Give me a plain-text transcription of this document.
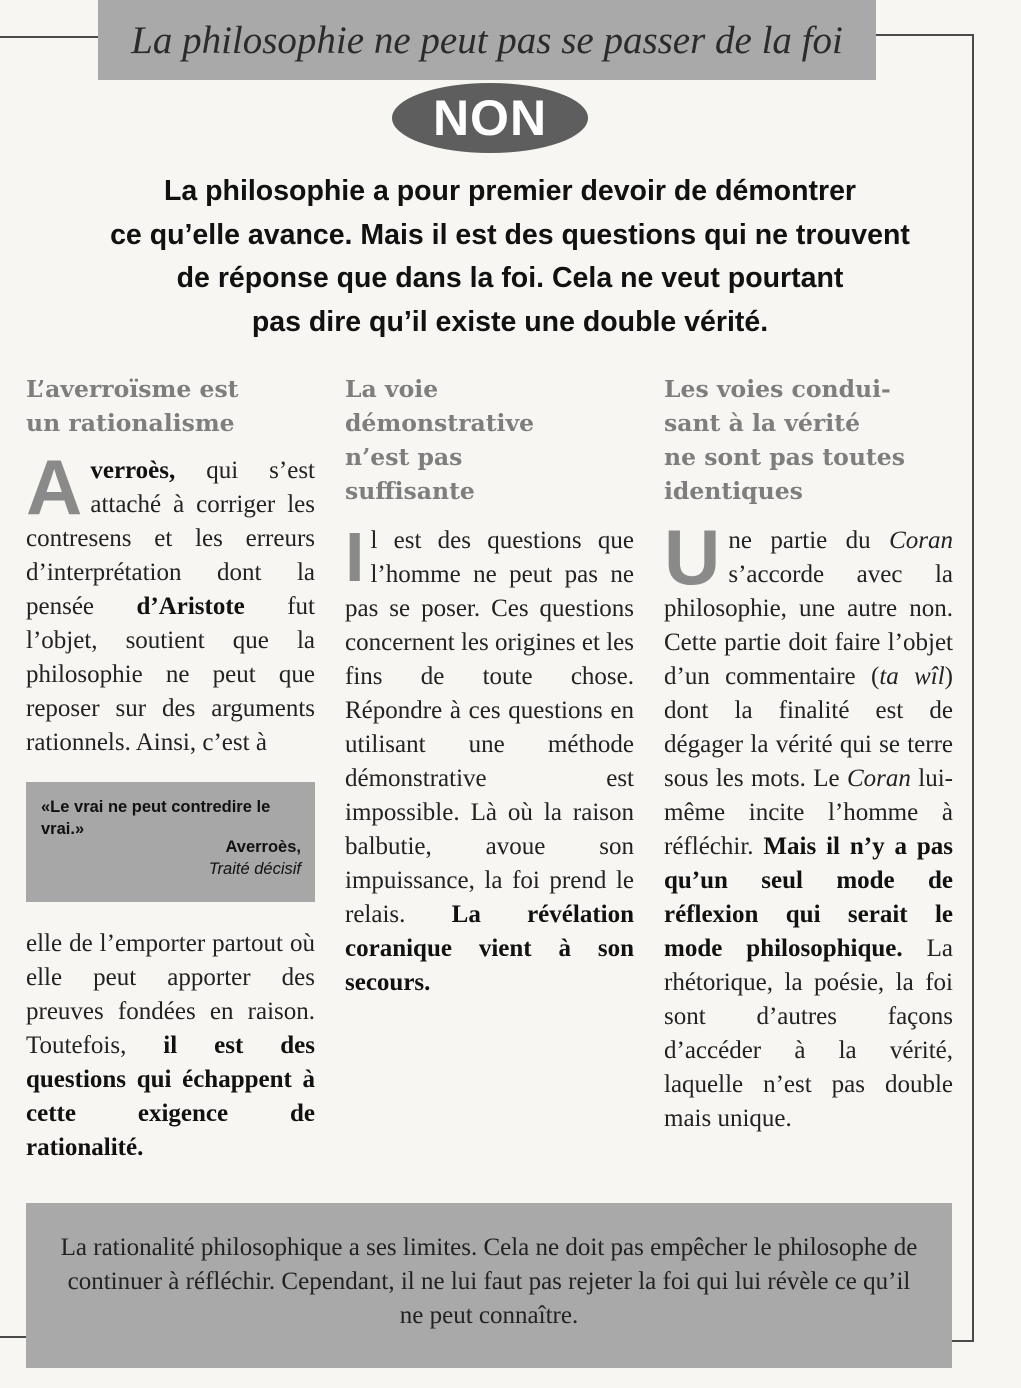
La philosophie ne peut pas se passer de la foi
NON
La philosophie a pour premier devoir de démontrer
ce qu’elle avance. Mais il est des questions qui ne trouvent
de réponse que dans la foi. Cela ne veut pourtant
pas dire qu’il existe une double vérité.
L’averroïsme est
un rationalisme
A verroès, qui s’est attaché à corriger les contresens et les erreurs d’interprétation dont la pensée d’Aristote fut l’objet, soutient que la philosophie ne peut que reposer sur des arguments rationnels. Ainsi, c’est à
«Le vrai ne peut contredire le vrai.»
Averroès,
Traité décisif
elle de l’emporter partout où elle peut apporter des preuves fondées en raison. Toutefois, il est des questions qui échappent à cette exigence de rationalité.
La voie
démonstrative
n’est pas
suffisante
I l est des questions que l’homme ne peut pas ne pas se poser. Ces questions concernent les origines et les fins de toute chose. Répondre à ces questions en utilisant une méthode démonstrative est impossible. Là où la raison balbutie, avoue son impuissance, la foi prend le relais. La révélation coranique vient à son secours.
Les voies condui-
sant à la vérité
ne sont pas toutes
identiques
U ne partie du Coran s’accorde avec la philosophie, une autre non. Cette partie doit faire l’objet d’un commentaire (ta wîl) dont la finalité est de dégager la vérité qui se terre sous les mots. Le Coran lui-même incite l’homme à réfléchir. Mais il n’y a pas qu’un seul mode de réflexion qui serait le mode philosophique. La rhétorique, la poésie, la foi sont d’autres façons d’accéder à la vérité, laquelle n’est pas double mais unique.
La rationalité philosophique a ses limites. Cela ne doit pas empêcher le philosophe de continuer à réfléchir. Cependant, il ne lui faut pas rejeter la foi qui lui révèle ce qu’il ne peut connaître.
